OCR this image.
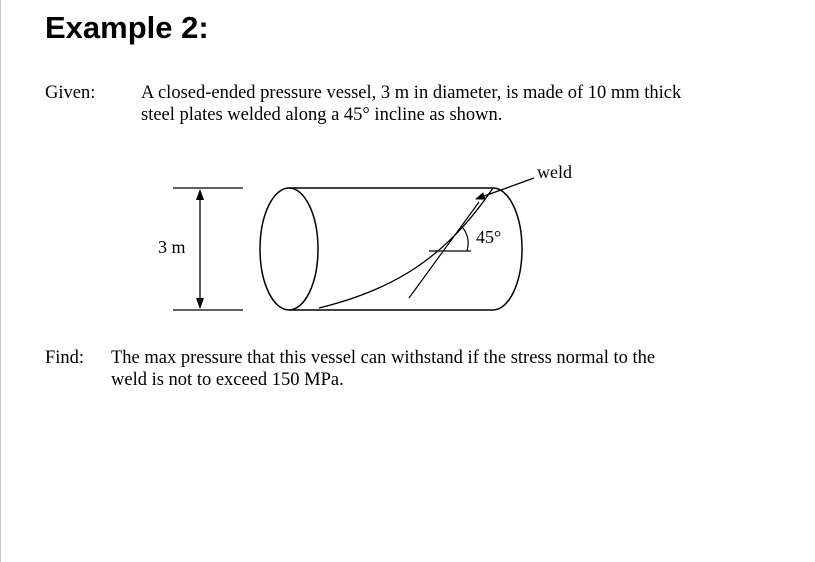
Example 2:
Given: A closed-ended pressure vessel, 3 m in diameter, is made of 10 mm thick
steel plates welded along a 45° incline as shown.
3 m	45°
weld
Find: The max pressure that this vessel can withstand if the stress normal to the
weld is not to exceed 150 MPa.
